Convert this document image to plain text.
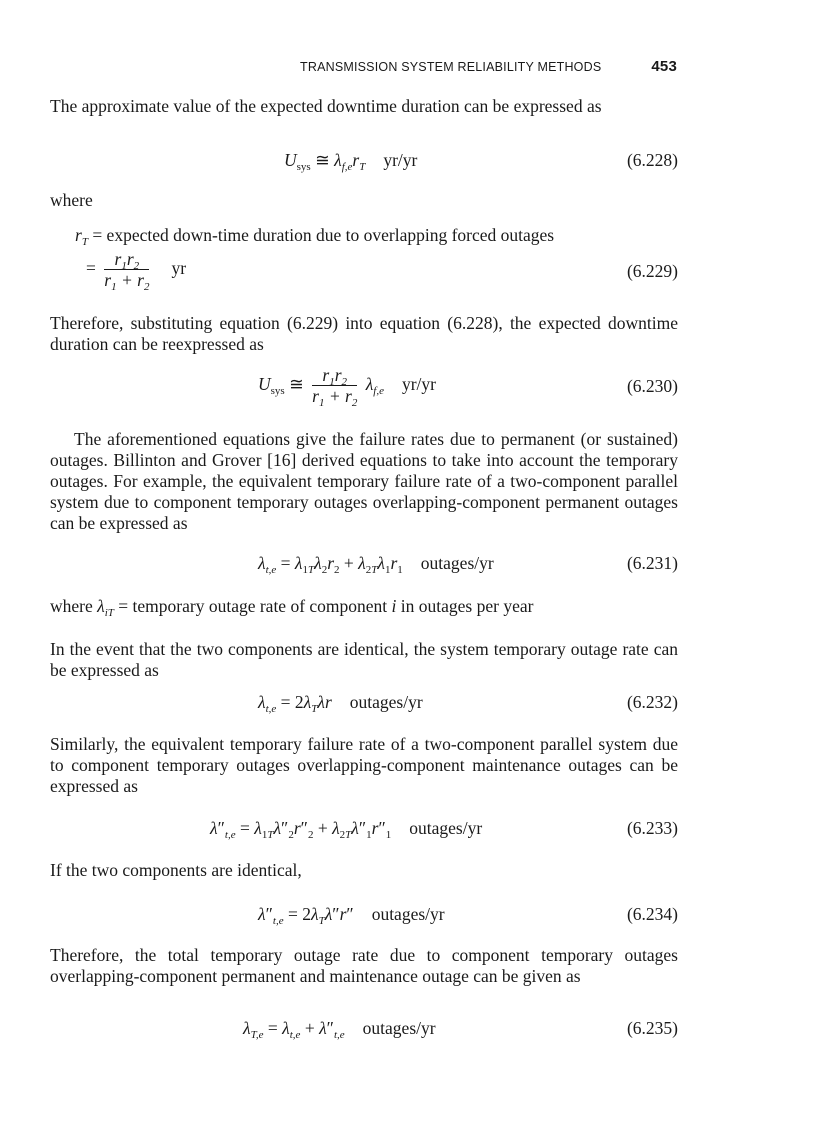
TRANSMISSION SYSTEM RELIABILITY METHODS	453
The approximate value of the expected downtime duration can be expressed as
$U_{sys}$ ≅ $\lambda_{f,e}r_T$ yr/yr	(6.228)
where
$r_T$ = expected down-time duration due to overlapping forced outages
= $\frac{r_1r_2}{r_1 + r_2}$ yr	(6.229)
Therefore, substituting equation (6.229) into equation (6.228), the expected downtime duration can be reexpressed as
$U_{sys}$ ≅ $\frac{r_1r_2}{r_1 + r_2} \lambda_{f,e}$ yr/yr	(6.230)
The aforementioned equations give the failure rates due to permanent (or sustained) outages. Billinton and Grover [16] derived equations to take into account the temporary outages. For example, the equivalent temporary failure rate of a two-component parallel system due to component temporary outages overlapping-component permanent outages can be expressed as
$\lambda_{t,e} = \lambda_{1T}\lambda_2r_2 + \lambda_{2T}\lambda_1r_1$ outages/yr	(6.231)
where $\lambda_{iT}$ = temporary outage rate of component i in outages per year
In the event that the two components are identical, the system temporary outage rate can be expressed as
$\lambda_{t,e} = 2\lambda_T\lambda r$ outages/yr	(6.232)
Similarly, the equivalent temporary failure rate of a two-component parallel system due to component temporary outages overlapping-component maintenance outages can be expressed as
$\lambda''_{t,e} = \lambda_{1T}\lambda''_2r''_2 + \lambda_{2T}\lambda''_1r''_1$ outages/yr	(6.233)
If the two components are identical,
$\lambda''_{t,e} = 2\lambda_T\lambda''r''$ outages/yr	(6.234)
Therefore, the total temporary outage rate due to component temporary outages overlapping-component permanent and maintenance outage can be given as
$\lambda_{T,e} = \lambda_{t,e} + \lambda''_{t,e}$ outages/yr	(6.235)
